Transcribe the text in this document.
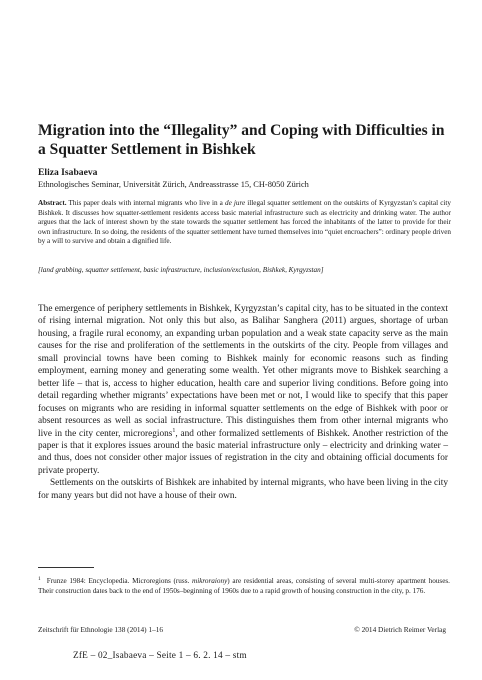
Migration into the “Illegality” and Coping with Difficulties in a Squatter Settlement in Bishkek

Eliza Isabaeva

Ethnologisches Seminar, Universität Zürich, Andreasstrasse 15, CH-8050 Zürich

Abstract. This paper deals with internal migrants who live in a de jure illegal squatter settlement on the outskirts of Kyrgyzstan’s capital city Bishkek. It discusses how squatter-settlement residents access basic material infrastructure such as electricity and drinking water. The author argues that the lack of interest shown by the state towards the squatter settlement has forced the inhabitants of the latter to provide for their own infrastructure. In so doing, the residents of the squatter settlement have turned themselves into “quiet encroachers”: ordinary people driven by a will to survive and obtain a dignified life.

[land grabbing, squatter settlement, basic infrastructure, inclusion/exclusion, Bishkek, Kyrgyzstan]

The emergence of periphery settlements in Bishkek, Kyrgyzstan’s capital city, has to be situated in the context of rising internal migration. Not only this but also, as Balihar Sanghera (2011) argues, shortage of urban housing, a fragile rural economy, an expanding urban population and a weak state capacity serve as the main causes for the rise and proliferation of the settlements in the outskirts of the city. People from villages and small provincial towns have been coming to Bishkek mainly for economic reasons such as finding employment, earning money and generating some wealth. Yet other migrants move to Bishkek searching a better life – that is, access to higher education, health care and superior living conditions. Before going into detail regarding whether migrants’ expectations have been met or not, I would like to specify that this paper focuses on migrants who are residing in informal squatter settlements on the edge of Bishkek with poor or absent resources as well as social infrastructure. This distinguishes them from other internal migrants who live in the city center, microregions$^1$, and other formalized settlements of Bishkek. Another restriction of the paper is that it explores issues around the basic material infrastructure only – electricity and drinking water – and thus, does not consider other major issues of registration in the city and obtaining official documents for private property.

Settlements on the outskirts of Bishkek are inhabited by internal migrants, who have been living in the city for many years but did not have a house of their own.

$^1$ Frunze 1984: Encyclopedia. Microregions (russ. mikroraiony) are residential areas, consisting of several multi-storey apartment houses. Their construction dates back to the end of 1950s–beginning of 1960s due to a rapid growth of housing construction in the city, p. 176.

Zeitschrift für Ethnologie 138 (2014) 1–16	© 2014 Dietrich Reimer Verlag

ZfE – 02_Isabaeva – Seite 1 – 6. 2. 14 – stm
